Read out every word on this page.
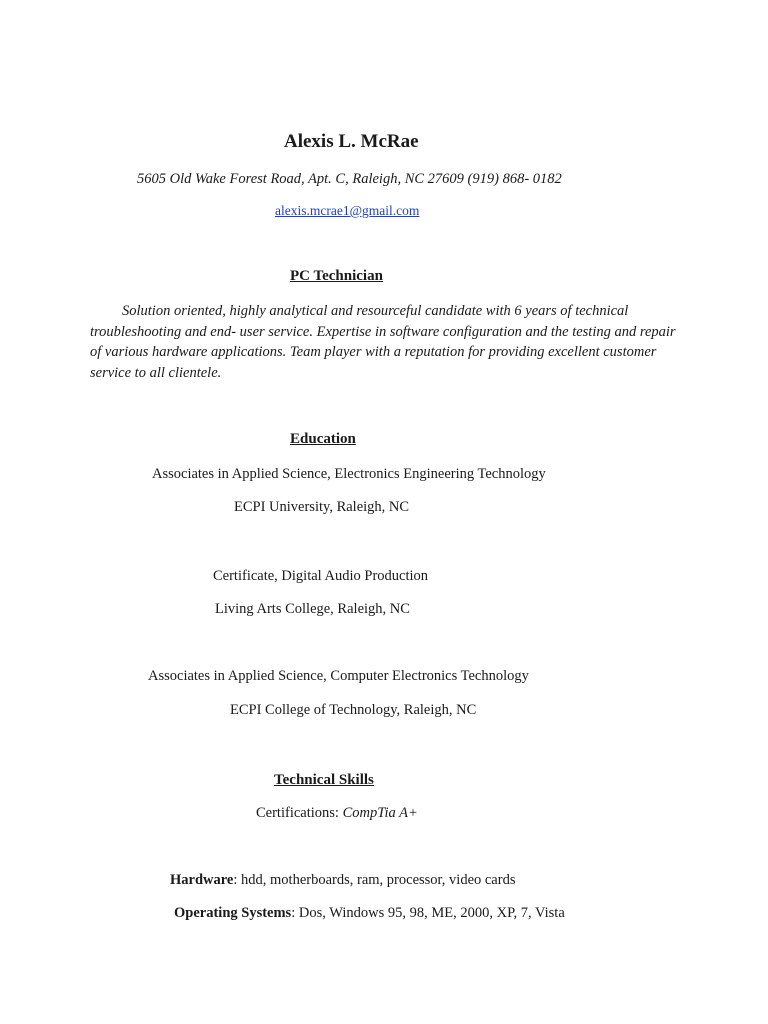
Alexis L. McRae
5605 Old Wake Forest Road, Apt. C, Raleigh, NC 27609 (919) 868- 0182
alexis.mcrae1@gmail.com
PC Technician

Solution oriented, highly analytical and resourceful candidate with 6 years of technical troubleshooting and end- user service. Expertise in software configuration and the testing and repair of various hardware applications. Team player with a reputation for providing excellent customer service to all clientele.

Education
Associates in Applied Science, Electronics Engineering Technology
ECPI University, Raleigh, NC
Certificate, Digital Audio Production
Living Arts College, Raleigh, NC
Associates in Applied Science, Computer Electronics Technology
ECPI College of Technology, Raleigh, NC
Technical Skills
Certifications: CompTia A+
Hardware: hdd, motherboards, ram, processor, video cards
Operating Systems: Dos, Windows 95, 98, ME, 2000, XP, 7, Vista
